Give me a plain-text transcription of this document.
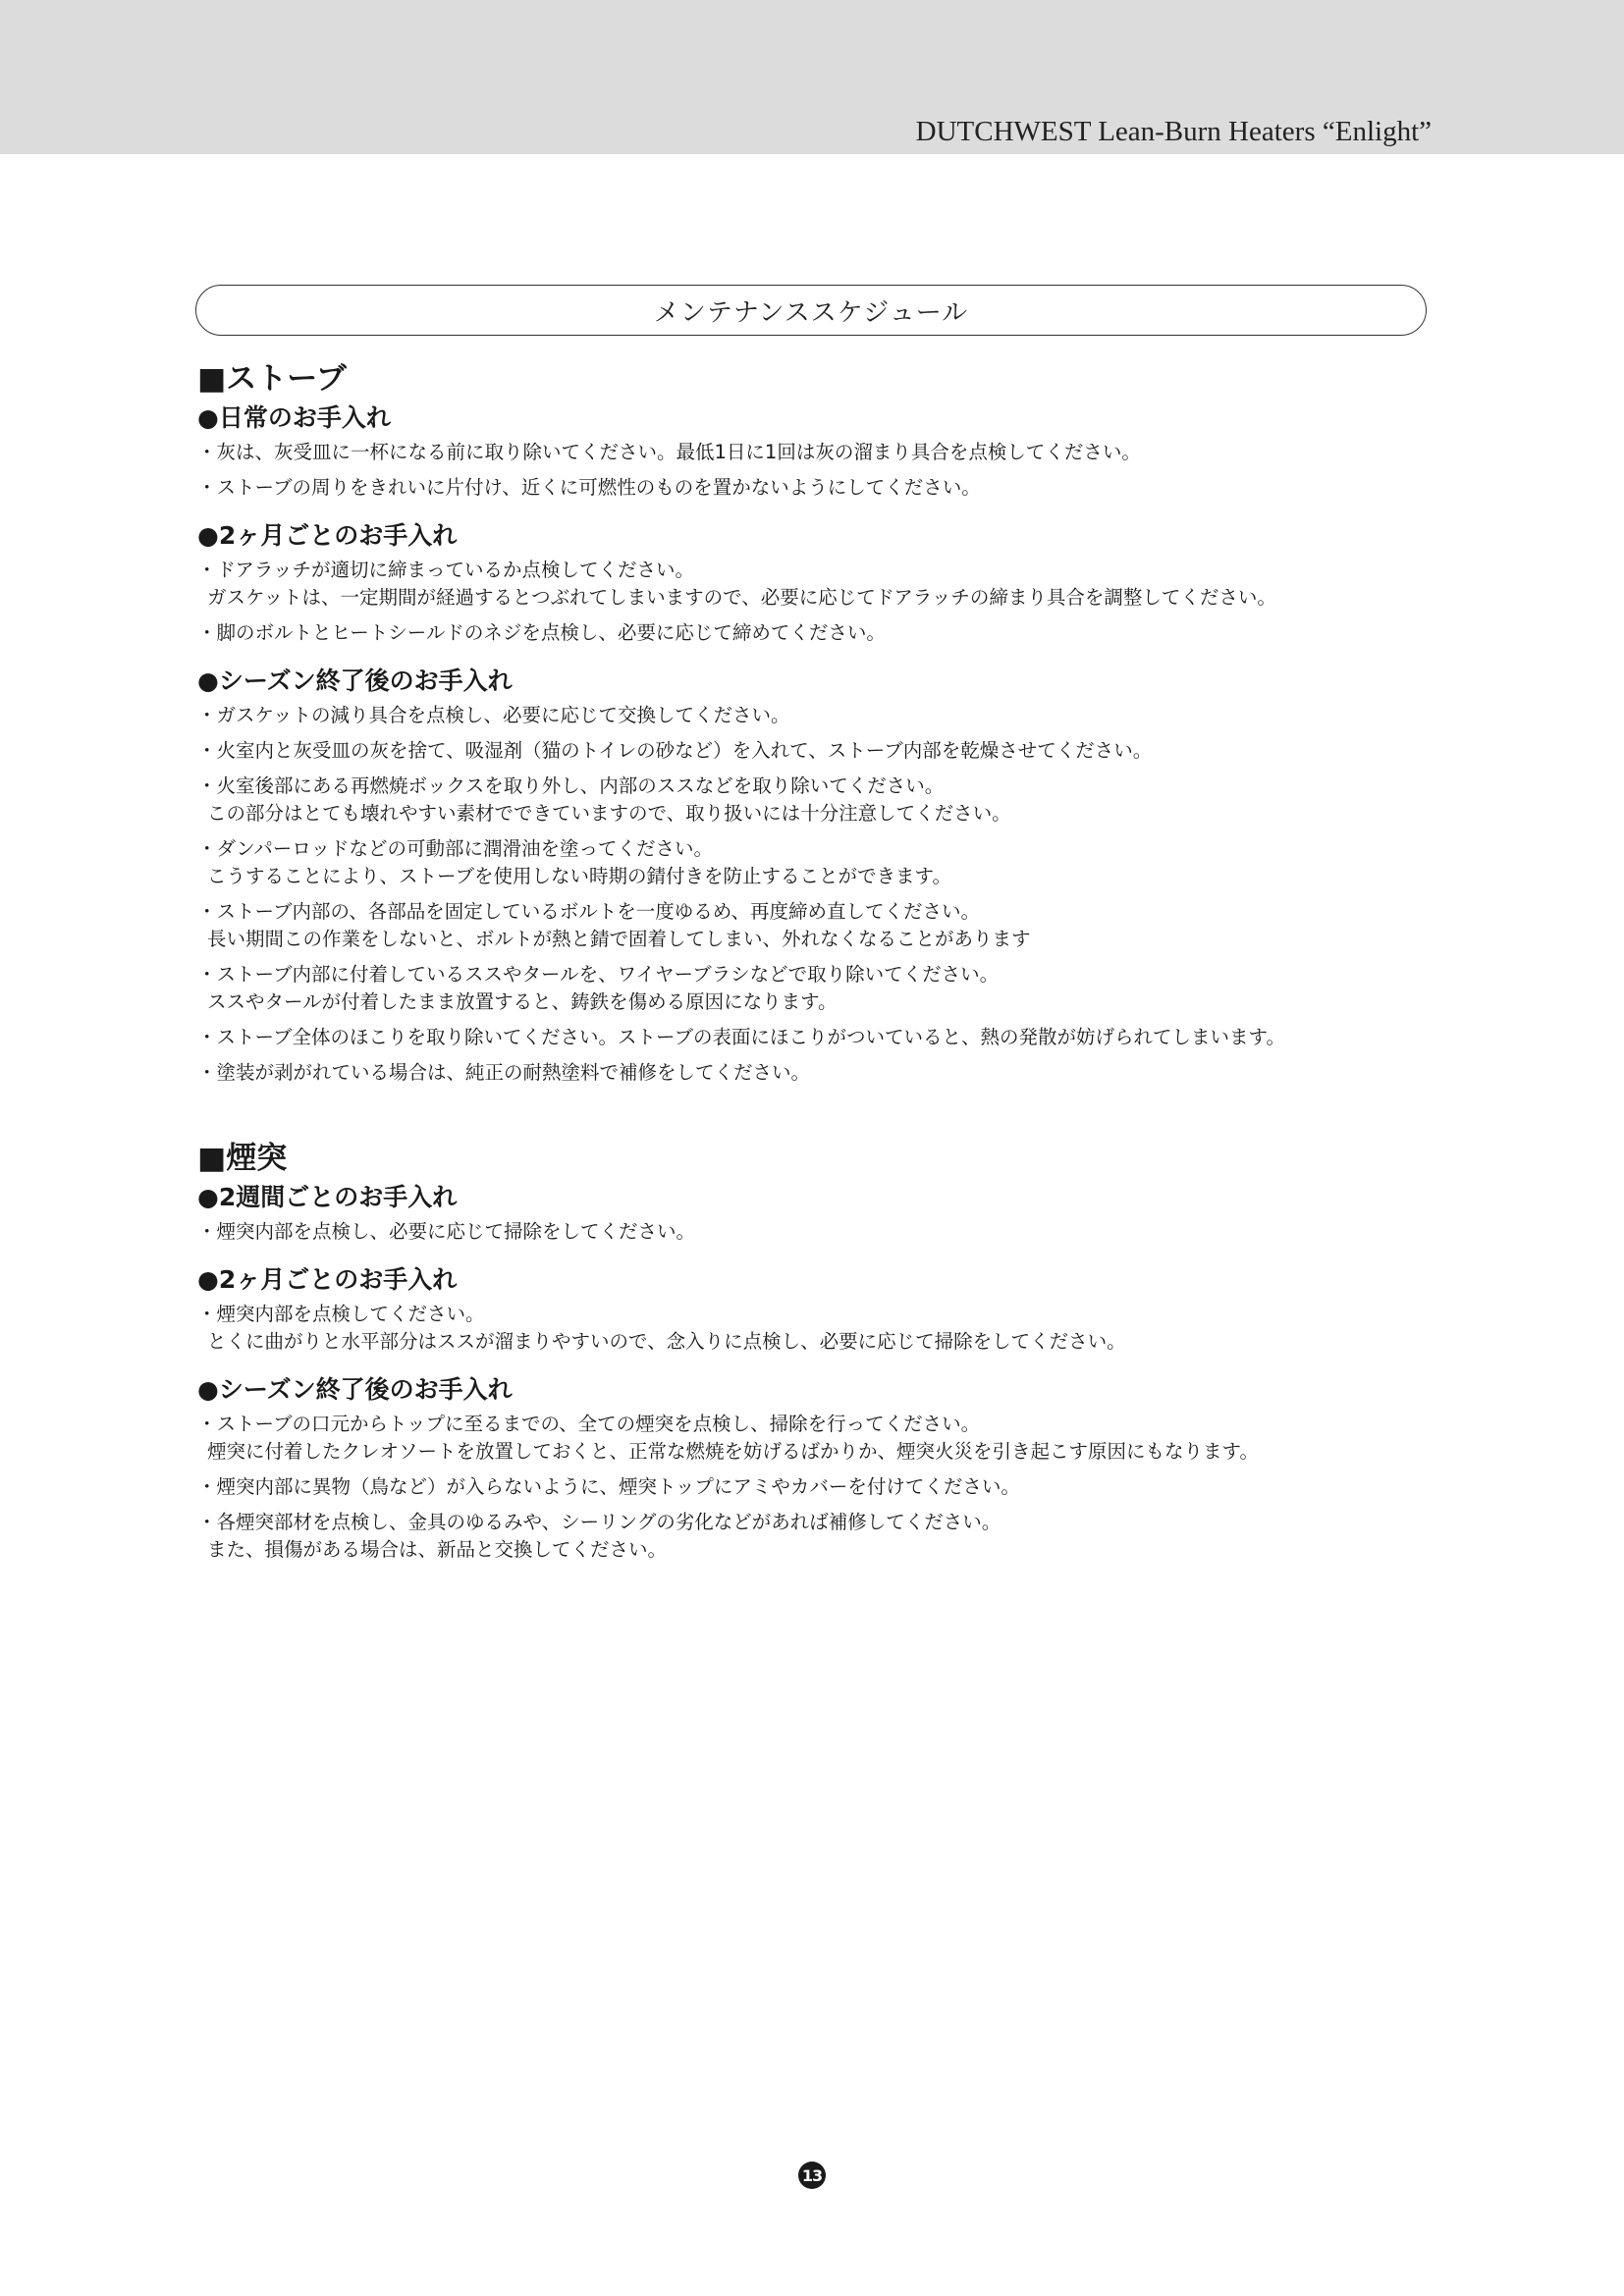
DUTCHWEST Lean-Burn Heaters “Enlight”
メンテナンススケジュール
■ストーブ
●日常のお手入れ
・灰は、灰受皿に一杯になる前に取り除いてください。最低1日に1回は灰の溜まり具合を点検してください。
・ストーブの周りをきれいに片付け、近くに可燃性のものを置かないようにしてください。
●2ヶ月ごとのお手入れ
・ドアラッチが適切に締まっているか点検してください。
ガスケットは、一定期間が経過するとつぶれてしまいますので、必要に応じてドアラッチの締まり具合を調整してください。
・脚のボルトとヒートシールドのネジを点検し、必要に応じて締めてください。
●シーズン終了後のお手入れ
・ガスケットの減り具合を点検し、必要に応じて交換してください。
・火室内と灰受皿の灰を捨て、吸湿剤（猫のトイレの砂など）を入れて、ストーブ内部を乾燥させてください。
・火室後部にある再燃焼ボックスを取り外し、内部のススなどを取り除いてください。
この部分はとても壊れやすい素材でできていますので、取り扱いには十分注意してください。
・ダンパーロッドなどの可動部に潤滑油を塗ってください。
こうすることにより、ストーブを使用しない時期の錆付きを防止することができます。
・ストーブ内部の、各部品を固定しているボルトを一度ゆるめ、再度締め直してください。
長い期間この作業をしないと、ボルトが熱と錆で固着してしまい、外れなくなることがあります
・ストーブ内部に付着しているススやタールを、ワイヤーブラシなどで取り除いてください。
ススやタールが付着したまま放置すると、鋳鉄を傷める原因になります。
・ストーブ全体のほこりを取り除いてください。ストーブの表面にほこりがついていると、熱の発散が妨げられてしまいます。
・塗装が剥がれている場合は、純正の耐熱塗料で補修をしてください。
■煙突
●2週間ごとのお手入れ
・煙突内部を点検し、必要に応じて掃除をしてください。
●2ヶ月ごとのお手入れ
・煙突内部を点検してください。
とくに曲がりと水平部分はススが溜まりやすいので、念入りに点検し、必要に応じて掃除をしてください。
●シーズン終了後のお手入れ
・ストーブの口元からトップに至るまでの、全ての煙突を点検し、掃除を行ってください。
煙突に付着したクレオソートを放置しておくと、正常な燃焼を妨げるばかりか、煙突火災を引き起こす原因にもなります。
・煙突内部に異物（鳥など）が入らないように、煙突トップにアミやカバーを付けてください。
・各煙突部材を点検し、金具のゆるみや、シーリングの劣化などがあれば補修してください。
また、損傷がある場合は、新品と交換してください。
13
